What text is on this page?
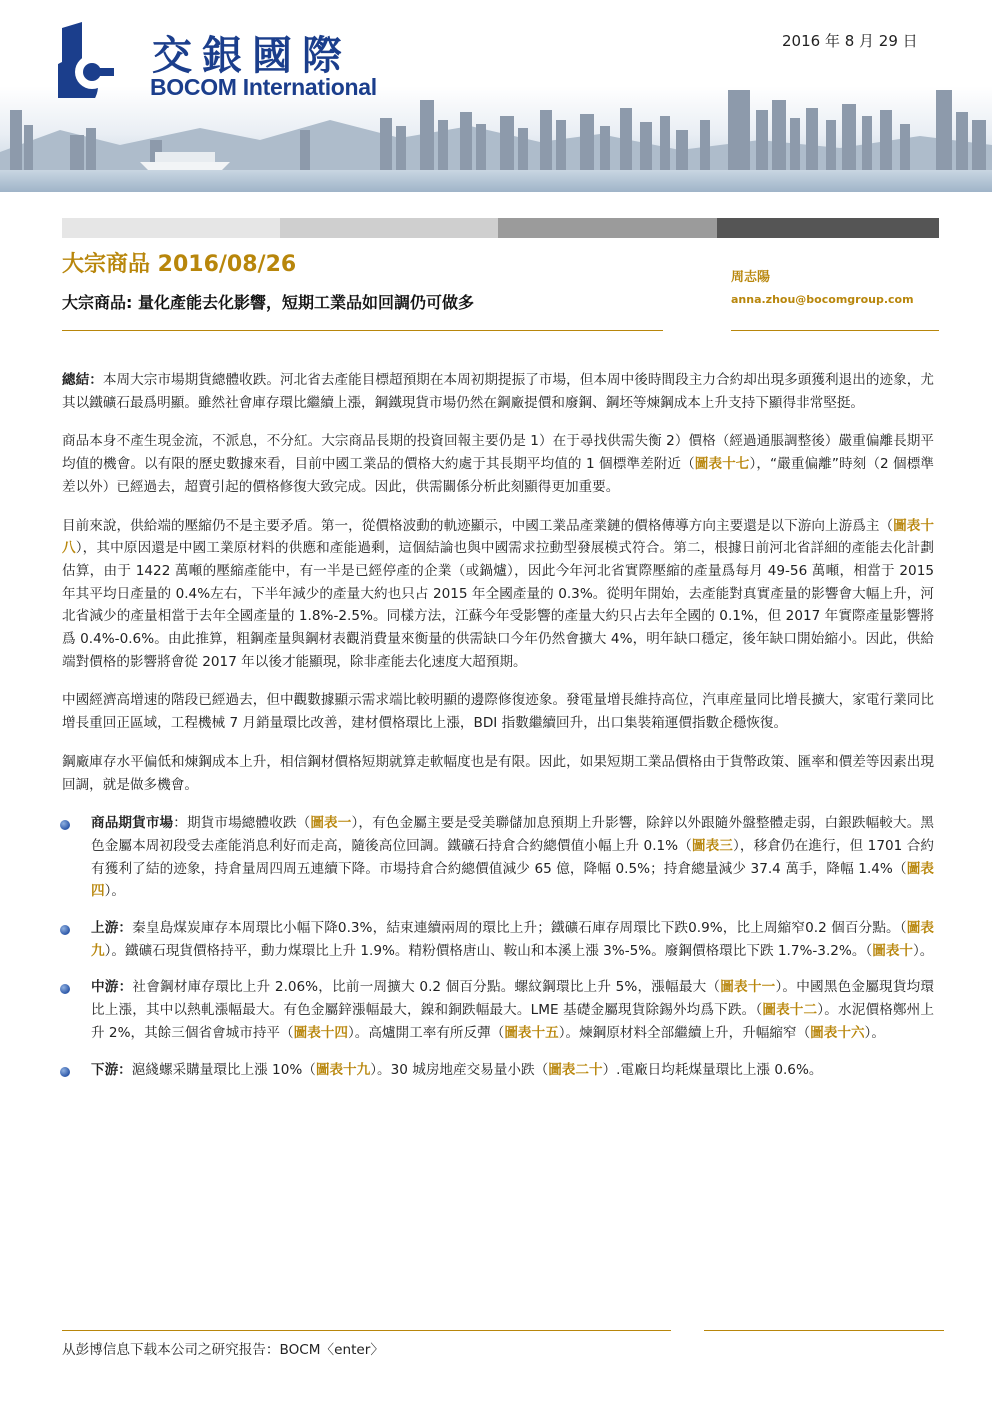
交銀國際
BOCOM International
2016 年 8 月 29 日
大宗商品 2016/08/26
大宗商品: 量化產能去化影響，短期工業品如回調仍可做多
周志陽
anna.zhou@bocomgroup.com

總結：本周大宗市場期貨總體收跌。河北省去產能目標超預期在本周初期提振了市場，但本周中後時間段主力合約却出現多頭獲利退出的迹象，尤其以鐵礦石最爲明顯。雖然社會庫存環比繼續上漲，鋼鐵現貨市場仍然在鋼廠提價和廢鋼、鋼坯等煉鋼成本上升支持下顯得非常堅挺。

商品本身不產生現金流，不派息，不分紅。大宗商品長期的投資回報主要仍是 1）在于尋找供需失衡 2）價格（經過通脹調整後）嚴重偏離長期平均值的機會。以有限的歷史數據來看，目前中國工業品的價格大約處于其長期平均值的 1 個標準差附近（圖表十七），“嚴重偏離”時刻（2 個標準差以外）已經過去，超賣引起的價格修復大致完成。因此，供需關係分析此刻顯得更加重要。

目前來說，供給端的壓縮仍不是主要矛盾。第一，從價格波動的軌迹顯示，中國工業品產業鏈的價格傳導方向主要還是以下游向上游爲主（圖表十八），其中原因還是中國工業原材料的供應和產能過剩，這個結論也與中國需求拉動型發展模式符合。第二，根據日前河北省詳細的產能去化計劃估算，由于 1422 萬噸的壓縮產能中，有一半是已經停產的企業（或鍋爐），因此今年河北省實際壓縮的產量爲每月 49-56 萬噸，相當于 2015 年其平均日產量的 0.4%左右，下半年減少的產量大約也只占 2015 年全國產量的 0.3%。從明年開始，去產能對真實產量的影響會大幅上升，河北省減少的產量相當于去年全國產量的 1.8%-2.5%。同樣方法，江蘇今年受影響的產量大約只占去年全國的 0.1%，但 2017 年實際產量影響將爲 0.4%-0.6%。由此推算，粗鋼產量與鋼材表觀消費量來衡量的供需缺口今年仍然會擴大 4%，明年缺口穩定，後年缺口開始縮小。因此，供給端對價格的影響將會從 2017 年以後才能顯現，除非產能去化速度大超預期。

中國經濟高增速的階段已經過去，但中觀數據顯示需求端比較明顯的邊際修復迹象。發電量增長維持高位，汽車産量同比增長擴大，家電行業同比增長重回正區域，工程機械 7 月銷量環比改善，建材價格環比上漲，BDI 指數繼續回升，出口集裝箱運價指數企穩恢復。

鋼廠庫存水平偏低和煉鋼成本上升，相信鋼材價格短期就算走軟幅度也是有限。因此，如果短期工業品價格由于貨幣政策、匯率和價差等因素出現回調，就是做多機會。

商品期貨市場：期貨市場總體收跌（圖表一），有色金屬主要是受美聯儲加息預期上升影響，除鋅以外跟隨外盤整體走弱，白銀跌幅較大。黑色金屬本周初段受去產能消息利好而走高，隨後高位回調。鐵礦石持倉合約總價值小幅上升 0.1%（圖表三），移倉仍在進行，但 1701 合約有獲利了結的迹象，持倉量周四周五連續下降。市場持倉合約總價值減少 65 億，降幅 0.5%；持倉總量減少 37.4 萬手，降幅 1.4%（圖表四）。
上游：秦皇島煤炭庫存本周環比小幅下降0.3%，結束連續兩周的環比上升；鐵礦石庫存周環比下跌0.9%，比上周縮窄0.2 個百分點。（圖表九）。鐵礦石現貨價格持平，動力煤環比上升 1.9%。精粉價格唐山、鞍山和本溪上漲 3%-5%。廢鋼價格環比下跌 1.7%-3.2%。（圖表十）。
中游：社會鋼材庫存環比上升 2.06%，比前一周擴大 0.2 個百分點。螺紋鋼環比上升 5%，漲幅最大（圖表十一）。中國黑色金屬現貨均環比上漲，其中以熱軋漲幅最大。有色金屬鋅漲幅最大，鎳和銅跌幅最大。LME 基礎金屬現貨除錫外均爲下跌。（圖表十二）。水泥價格鄭州上升 2%，其餘三個省會城市持平（圖表十四）。高爐開工率有所反彈（圖表十五）。煉鋼原材料全部繼續上升，升幅縮窄（圖表十六）。
下游：滬綫螺采購量環比上漲 10%（圖表十九）。30 城房地産交易量小跌（圖表二十）.電廠日均耗煤量環比上漲 0.6%。
从彭博信息下载本公司之研究报告：BOCM〈enter〉
